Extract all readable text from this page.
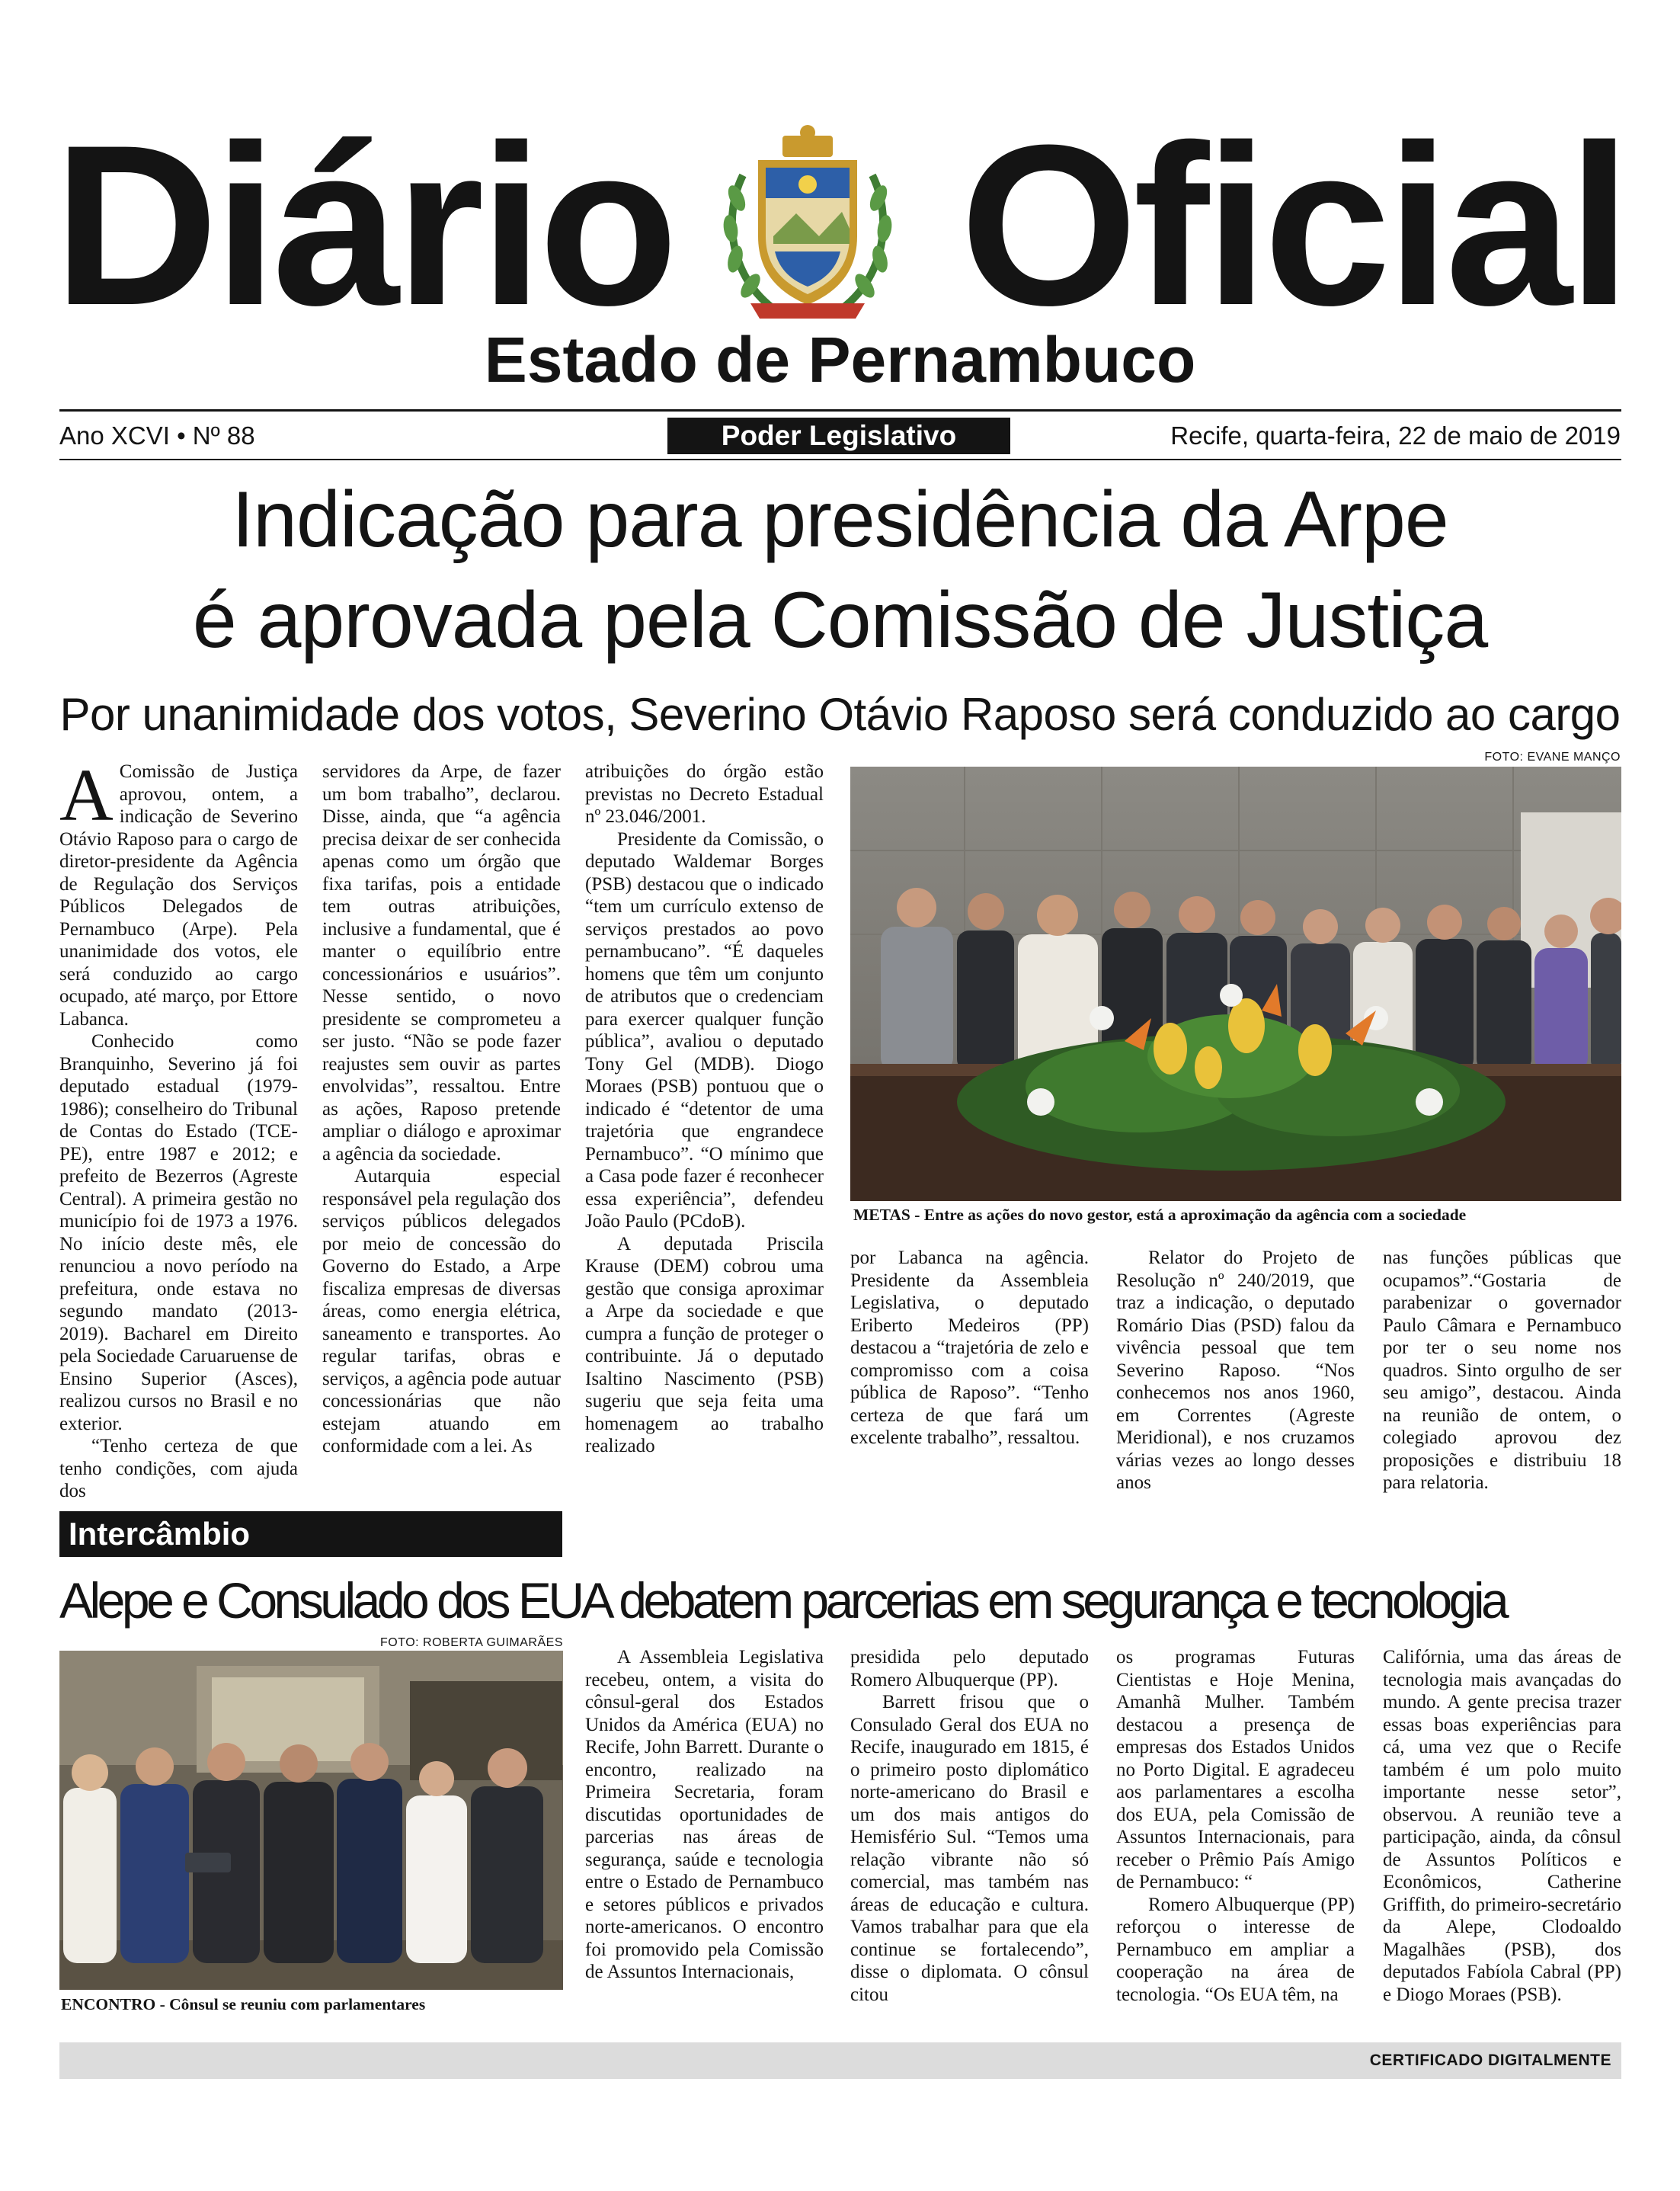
Diário Oficial
Estado de Pernambuco
Ano XCVI • Nº 88	Poder Legislativo	Recife, quarta-feira, 22 de maio de 2019
Indicação para presidência da Arpe
é aprovada pela Comissão de Justiça
Por unanimidade dos votos, Severino Otávio Raposo será conduzido ao cargo
FOTO: EVANE MANÇO
METAS - Entre as ações do novo gestor, está a aproximação da agência com a sociedade

A Comissão de Justiça aprovou, ontem, a indicação de Severino Otávio Raposo para o cargo de diretor-presidente da Agência de Regulação dos Serviços Públicos Delegados de Pernambuco (Arpe). Pela unanimidade dos votos, ele será conduzido ao cargo ocupado, até março, por Ettore Labanca.

Conhecido como Branquinho, Severino já foi deputado estadual (1979-1986); conselheiro do Tribunal de Contas do Estado (TCE-PE), entre 1987 e 2012; e prefeito de Bezerros (Agreste Central). A primeira gestão no município foi de 1973 a 1976. No início deste mês, ele renunciou a novo período na prefeitura, onde estava no segundo mandato (2013-2019). Bacharel em Direito pela Sociedade Caruaruense de Ensino Superior (Asces), realizou cursos no Brasil e no exterior.

“Tenho certeza de que tenho condições, com ajuda dos

servidores da Arpe, de fazer um bom trabalho”, declarou. Disse, ainda, que “a agência precisa deixar de ser conhecida apenas como um órgão que fixa tarifas, pois a entidade tem outras atribuições, inclusive a fundamental, que é manter o equilíbrio entre concessionários e usuários”. Nesse sentido, o novo presidente se comprometeu a ser justo. “Não se pode fazer reajustes sem ouvir as partes envolvidas”, ressaltou. Entre as ações, Raposo pretende ampliar o diálogo e aproximar a agência da sociedade.

Autarquia especial responsável pela regulação dos serviços públicos delegados por meio de concessão do Governo do Estado, a Arpe fiscaliza empresas de diversas áreas, como energia elétrica, saneamento e transportes. Ao regular tarifas, obras e serviços, a agência pode autuar concessionárias que não estejam atuando em conformidade com a lei. As

atribuições do órgão estão previstas no Decreto Estadual nº 23.046/2001.

Presidente da Comissão, o deputado Waldemar Borges (PSB) destacou que o indicado “tem um currículo extenso de serviços prestados ao povo pernambucano”. “É daqueles homens que têm um conjunto de atributos que o credenciam para exercer qualquer função pública”, avaliou o deputado Tony Gel (MDB). Diogo Moraes (PSB) pontuou que o indicado é “detentor de uma trajetória que engrandece Pernambuco”. “O mínimo que a Casa pode fazer é reconhecer essa experiência”, defendeu João Paulo (PCdoB).

A deputada Priscila Krause (DEM) cobrou uma gestão que consiga aproximar a Arpe da sociedade e que cumpra a função de proteger o contribuinte. Já o deputado Isaltino Nascimento (PSB) sugeriu que seja feita uma homenagem ao trabalho realizado

por Labanca na agência. Presidente da Assembleia Legislativa, o deputado Eriberto Medeiros (PP) destacou a “trajetória de zelo e compromisso com a coisa pública de Raposo”. “Tenho certeza de que fará um excelente trabalho”, ressaltou.

Relator do Projeto de Resolução nº 240/2019, que traz a indicação, o deputado Romário Dias (PSD) falou da vivência pessoal que tem Severino Raposo. “Nos conhecemos nos anos 1960, em Correntes (Agreste Meridional), e nos cruzamos várias vezes ao longo desses anos

nas funções públicas que ocupamos”.“Gostaria de parabenizar o governador Paulo Câmara e Pernambuco por ter o seu nome nos quadros. Sinto orgulho de ser seu amigo”, destacou. Ainda na reunião de ontem, o colegiado aprovou dez proposições e distribuiu 18 para relatoria.

Intercâmbio
Alepe e Consulado dos EUA debatem parcerias em segurança e tecnologia
FOTO: ROBERTA GUIMARÃES
ENCONTRO - Cônsul se reuniu com parlamentares

A Assembleia Legislativa recebeu, ontem, a visita do cônsul-geral dos Estados Unidos da América (EUA) no Recife, John Barrett. Durante o encontro, realizado na Primeira Secretaria, foram discutidas oportunidades de parcerias nas áreas de segurança, saúde e tecnologia entre o Estado de Pernambuco e setores públicos e privados norte-americanos. O encontro foi promovido pela Comissão de Assuntos Internacionais,

presidida pelo deputado Romero Albuquerque (PP).

Barrett frisou que o Consulado Geral dos EUA no Recife, inaugurado em 1815, é o primeiro posto diplomático norte-americano do Brasil e um dos mais antigos do Hemisfério Sul. “Temos uma relação vibrante não só comercial, mas também nas áreas de educação e cultura. Vamos trabalhar para que ela continue se fortalecendo”, disse o diplomata. O cônsul citou

os programas Futuras Cientistas e Hoje Menina, Amanhã Mulher. Também destacou a presença de empresas dos Estados Unidos no Porto Digital. E agradeceu aos parlamentares a escolha dos EUA, pela Comissão de Assuntos Internacionais, para receber o Prêmio País Amigo de Pernambuco: “

Romero Albuquerque (PP) reforçou o interesse de Pernambuco em ampliar a cooperação na área de tecnologia. “Os EUA têm, na

Califórnia, uma das áreas de tecnologia mais avançadas do mundo. A gente precisa trazer essas boas experiências para cá, uma vez que o Recife também é um polo muito importante nesse setor”, observou. A reunião teve a participação, ainda, da cônsul de Assuntos Políticos e Econômicos, Catherine Griffith, do primeiro-secretário da Alepe, Clodoaldo Magalhães (PSB), dos deputados Fabíola Cabral (PP) e Diogo Moraes (PSB).

CERTIFICADO DIGITALMENTE
